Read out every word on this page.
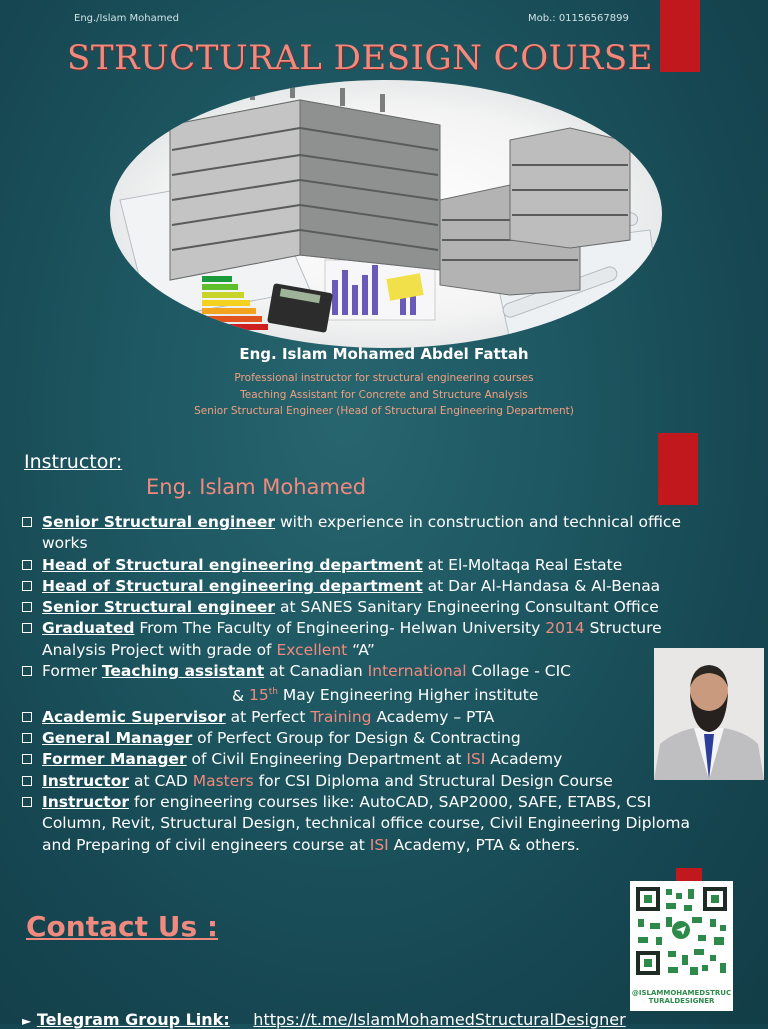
Eng./Islam Mohamed	Mob.: 01156567899
STRUCTURAL DESIGN COURSE
Eng. Islam Mohamed Abdel Fattah
Professional instructor for structural engineering courses
Teaching Assistant for Concrete and Structure Analysis
Senior Structural Engineer (Head of Structural Engineering Department)
Instructor:
Eng. Islam Mohamed
Senior Structural engineer with experience in construction and technical office works
Head of Structural engineering department at El-Moltaqa Real Estate
Head of Structural engineering department at Dar Al-Handasa & Al-Benaa
Senior Structural engineer at SANES Sanitary Engineering Consultant Office
Graduated From The Faculty of Engineering- Helwan University 2014 Structure Analysis Project with grade of Excellent “A”
Former Teaching assistant at Canadian International Collage - CIC
& 15th May Engineering Higher institute
Academic Supervisor at Perfect Training Academy – PTA
General Manager of Perfect Group for Design & Contracting
Former Manager of Civil Engineering Department at ISI Academy
Instructor at CAD Masters for CSI Diploma and Structural Design Course
Instructor for engineering courses like: AutoCAD, SAP2000, SAFE, ETABS, CSI Column, Revit, Structural Design, technical office course, Civil Engineering Diploma and Preparing of civil engineers course at ISI Academy, PTA & others.
Contact Us :
@ISLAMMOHAMEDSTRUCTURALDESIGNER
► Telegram Group Link: https://t.me/IslamMohamedStructuralDesigner
